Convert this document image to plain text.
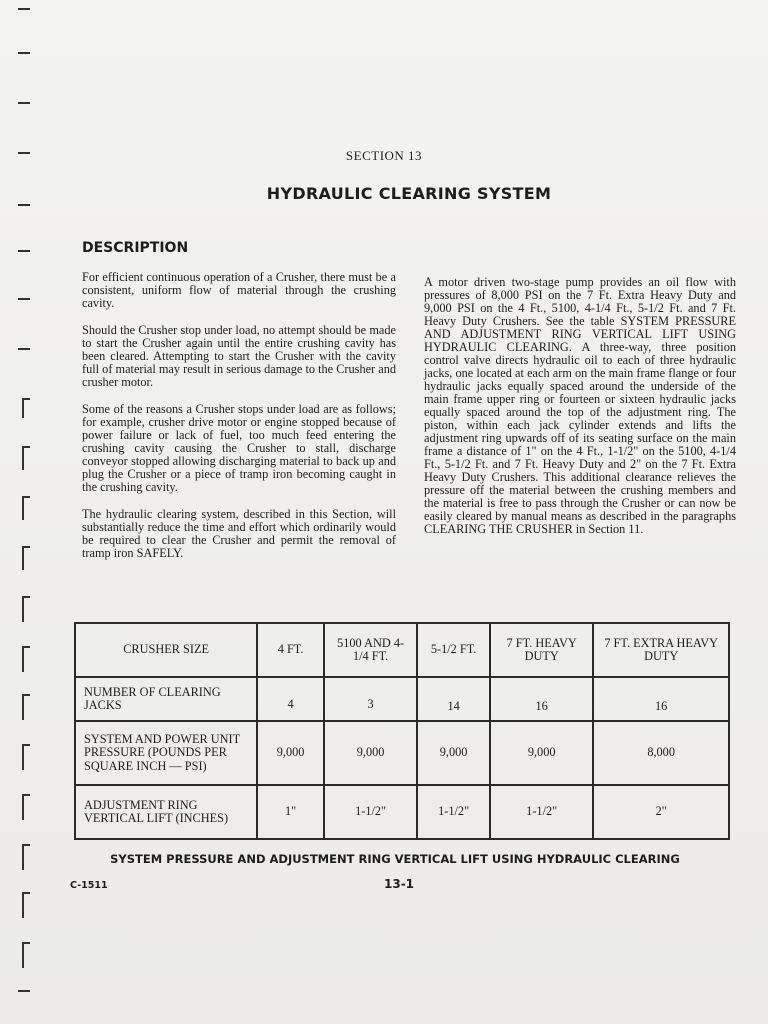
SECTION 13
HYDRAULIC CLEARING SYSTEM
DESCRIPTION

For efficient continuous operation of a Crusher, there must be a consistent, uniform flow of material through the crushing cavity.

Should the Crusher stop under load, no attempt should be made to start the Crusher again until the entire crushing cavity has been cleared. Attempting to start the Crusher with the cavity full of material may result in serious damage to the Crusher and crusher motor.

Some of the reasons a Crusher stops under load are as follows; for example, crusher drive motor or engine stopped because of power failure or lack of fuel, too much feed entering the crushing cavity causing the Crusher to stall, discharge conveyor stopped allowing discharging material to back up and plug the Crusher or a piece of tramp iron becoming caught in the crushing cavity.

The hydraulic clearing system, described in this Section, will substantially reduce the time and effort which ordinarily would be required to clear the Crusher and permit the removal of tramp iron SAFELY.

A motor driven two-stage pump provides an oil flow with pressures of 8,000 PSI on the 7 Ft. Extra Heavy Duty and 9,000 PSI on the 4 Ft., 5100, 4-1/4 Ft., 5-1/2 Ft. and 7 Ft. Heavy Duty Crushers. See the table SYSTEM PRESSURE AND ADJUSTMENT RING VERTICAL LIFT USING HYDRAULIC CLEARING. A three-way, three position control valve directs hydraulic oil to each of three hydraulic jacks, one located at each arm on the main frame flange or four hydraulic jacks equally spaced around the underside of the main frame upper ring or fourteen or sixteen hydraulic jacks equally spaced around the top of the adjustment ring. The piston, within each jack cylinder extends and lifts the adjustment ring upwards off of its seating surface on the main frame a distance of 1" on the 4 Ft., 1-1/2" on the 5100, 4-1/4 Ft., 5-1/2 Ft. and 7 Ft. Heavy Duty and 2" on the 7 Ft. Extra Heavy Duty Crushers. This additional clearance relieves the pressure off the material between the crushing members and the material is free to pass through the Crusher or can now be easily cleared by manual means as described in the paragraphs CLEARING THE CRUSHER in Section 11.

CRUSHER SIZE	4 FT.	5100 AND 4-1/4 FT.	5-1/2 FT.	7 FT. HEAVY DUTY	7 FT. EXTRA HEAVY DUTY
NUMBER OF CLEARING JACKS	4	3	14	16	16
SYSTEM AND POWER UNIT PRESSURE (POUNDS PER SQUARE INCH — PSI)	9,000	9,000	9,000	9,000	8,000
ADJUSTMENT RING VERTICAL LIFT (INCHES)	1"	1-1/2"	1-1/2"	1-1/2"	2"
SYSTEM PRESSURE AND ADJUSTMENT RING VERTICAL LIFT USING HYDRAULIC CLEARING
C-1511	13-1
